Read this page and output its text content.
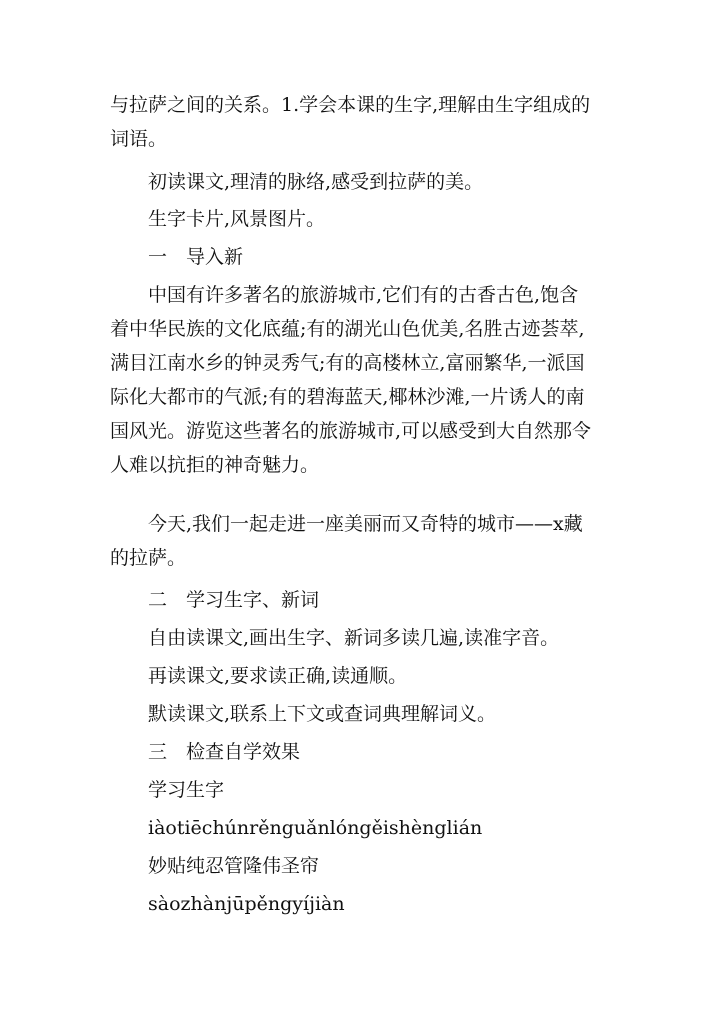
与拉萨之间的关系。1.学会本课的生字,理解由生字组成的
词语。

初读课文,理清的脉络,感受到拉萨的美。

生字卡片,风景图片。

一　导入新

中国有许多著名的旅游城市,它们有的古香古色,饱含
着中华民族的文化底蕴;有的湖光山色优美,名胜古迹荟萃,
满目江南水乡的钟灵秀气;有的高楼林立,富丽繁华,一派国
际化大都市的气派;有的碧海蓝天,椰林沙滩,一片诱人的南
国风光。游览这些著名的旅游城市,可以感受到大自然那令
人难以抗拒的神奇魅力。
今天,我们一起走进一座美丽而又奇特的城市——x藏
的拉萨。

二　学习生字、新词

自由读课文,画出生字、新词多读几遍,读准字音。

再读课文,要求读正确,读通顺。

默读课文,联系上下文或查词典理解词义。

三　检查自学效果

学习生字

iàotiēchúnrěnguǎnlóngěishènglián

妙贴纯忍管隆伟圣帘

sàozhànjūpěngyíjiàn
